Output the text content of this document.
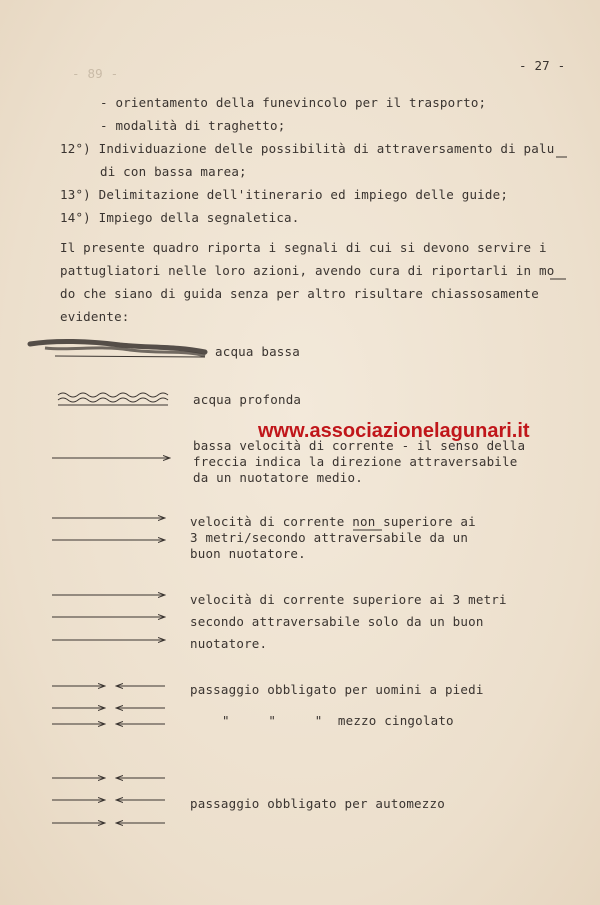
- 89 -
- 27 -
- orientamento della funevincolo per il trasporto;
- modalità di traghetto;
12°) Individuazione delle possibilità di attraversamento di palu
di con bassa marea;
13°) Delimitazione dell'itinerario ed impiego delle guide;
14°) Impiego della segnaletica.
Il presente quadro riporta i segnali di cui si devono servire i
pattugliatori nelle loro azioni, avendo cura di riportarli in mo
do che siano di guida senza per altro risultare chiassosamente
evidente:
acqua bassa
acqua profonda
bassa velocità di corrente - il senso della
freccia indica la direzione attraversabile
da un nuotatore medio.
velocità di corrente non superiore ai
3 metri/secondo attraversabile da un
buon nuotatore.
velocità di corrente superiore ai 3 metri
secondo attraversabile solo da un buon
nuotatore.
passaggio obbligato per uomini a piedi
"     "     "  mezzo cingolato
passaggio obbligato per automezzo
www.associazionelagunari.it
